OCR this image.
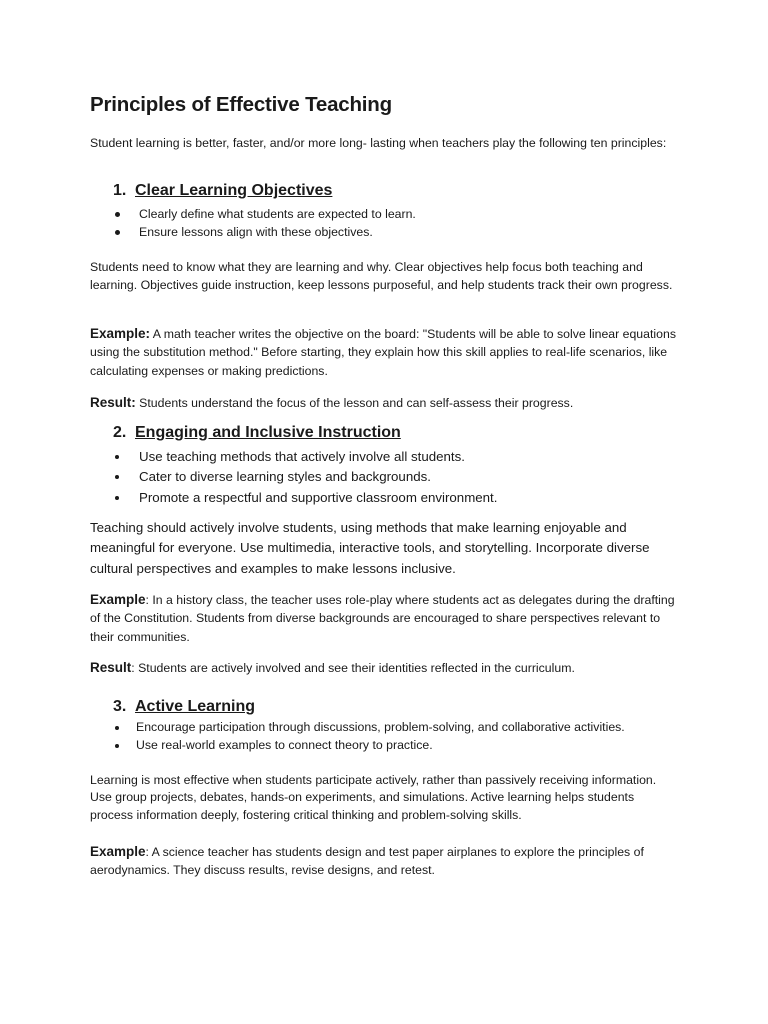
Principles of Effective Teaching
Student learning is better, faster, and/or more long- lasting when teachers play the following ten principles:
1. Clear Learning Objectives
Clearly define what students are expected to learn.
Ensure lessons align with these objectives.
Students need to know what they are learning and why. Clear objectives help focus both teaching and learning. Objectives guide instruction, keep lessons purposeful, and help students track their own progress.
Example: A math teacher writes the objective on the board: "Students will be able to solve linear equations using the substitution method." Before starting, they explain how this skill applies to real-life scenarios, like calculating expenses or making predictions.
Result: Students understand the focus of the lesson and can self-assess their progress.
2. Engaging and Inclusive Instruction
Use teaching methods that actively involve all students.
Cater to diverse learning styles and backgrounds.
Promote a respectful and supportive classroom environment.
Teaching should actively involve students, using methods that make learning enjoyable and meaningful for everyone. Use multimedia, interactive tools, and storytelling. Incorporate diverse cultural perspectives and examples to make lessons inclusive.
Example: In a history class, the teacher uses role-play where students act as delegates during the drafting of the Constitution. Students from diverse backgrounds are encouraged to share perspectives relevant to their communities.
Result: Students are actively involved and see their identities reflected in the curriculum.
3. Active Learning
Encourage participation through discussions, problem-solving, and collaborative activities.
Use real-world examples to connect theory to practice.
Learning is most effective when students participate actively, rather than passively receiving information. Use group projects, debates, hands-on experiments, and simulations. Active learning helps students process information deeply, fostering critical thinking and problem-solving skills.
Example: A science teacher has students design and test paper airplanes to explore the principles of aerodynamics. They discuss results, revise designs, and retest.
